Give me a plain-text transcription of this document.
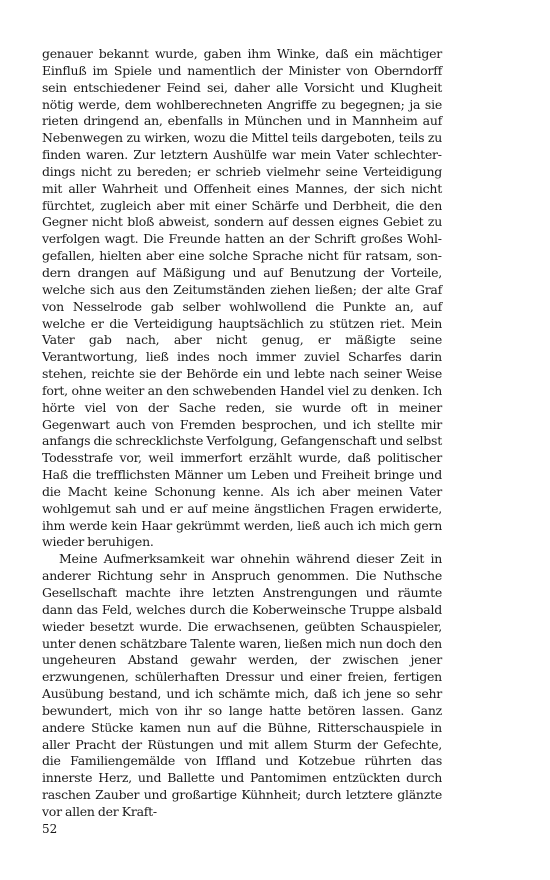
genauer bekannt wurde, gaben ihm Winke, daß ein mächtiger Einfluß im Spiele und namentlich der Minister von Oberndorff sein entschiedener Feind sei, daher alle Vorsicht und Klugheit nötig werde, dem wohlberechneten Angriffe zu begegnen; ja sie rieten dringend an, ebenfalls in München und in Mannheim auf Nebenwegen zu wirken, wozu die Mittel teils dargeboten, teils zu finden waren. Zur letztern Aushülfe war mein Vater schlechterdings nicht zu bereden; er schrieb vielmehr seine Verteidigung mit aller Wahrheit und Offenheit eines Mannes, der sich nicht fürchtet, zugleich aber mit einer Schärfe und Derbheit, die den Gegner nicht bloß abweist, sondern auf dessen eignes Gebiet zu verfolgen wagt. Die Freunde hatten an der Schrift großes Wohlgefallen, hielten aber eine solche Sprache nicht für ratsam, sondern drangen auf Mäßigung und auf Benutzung der Vorteile, welche sich aus den Zeitumständen ziehen ließen; der alte Graf von Nesselrode gab selber wohlwollend die Punkte an, auf welche er die Verteidigung hauptsächlich zu stützen riet. Mein Vater gab nach, aber nicht genug, er mäßigte seine Verantwortung, ließ indes noch immer zuviel Scharfes darin stehen, reichte sie der Behörde ein und lebte nach seiner Weise fort, ohne weiter an den schwebenden Handel viel zu denken. Ich hörte viel von der Sache reden, sie wurde oft in meiner Gegenwart auch von Fremden besprochen, und ich stellte mir anfangs die schrecklichste Verfolgung, Gefangenschaft und selbst Todesstrafe vor, weil immerfort erzählt wurde, daß politischer Haß die trefflichsten Männer um Leben und Freiheit bringe und die Macht keine Schonung kenne. Als ich aber meinen Vater wohlgemut sah und er auf meine ängstlichen Fragen erwiderte, ihm werde kein Haar gekrümmt werden, ließ auch ich mich gern wieder beruhigen.

Meine Aufmerksamkeit war ohnehin während dieser Zeit in anderer Richtung sehr in Anspruch genommen. Die Nuthsche Gesellschaft machte ihre letzten Anstrengungen und räumte dann das Feld, welches durch die Koberweinsche Truppe alsbald wieder besetzt wurde. Die erwachsenen, geübten Schauspieler, unter denen schätzbare Talente waren, ließen mich nun doch den ungeheuren Abstand gewahr werden, der zwischen jener erzwungenen, schülerhaften Dressur und einer freien, fertigen Ausübung bestand, und ich schämte mich, daß ich jene so sehr bewundert, mich von ihr so lange hatte betören lassen. Ganz andere Stücke kamen nun auf die Bühne, Ritterschauspiele in aller Pracht der Rüstungen und mit allem Sturm der Gefechte, die Familiengemälde von Iffland und Kotzebue rührten das innerste Herz, und Ballette und Pantomimen entzückten durch raschen Zauber und großartige Kühnheit; durch letztere glänzte vor allen der Kraft-

52
